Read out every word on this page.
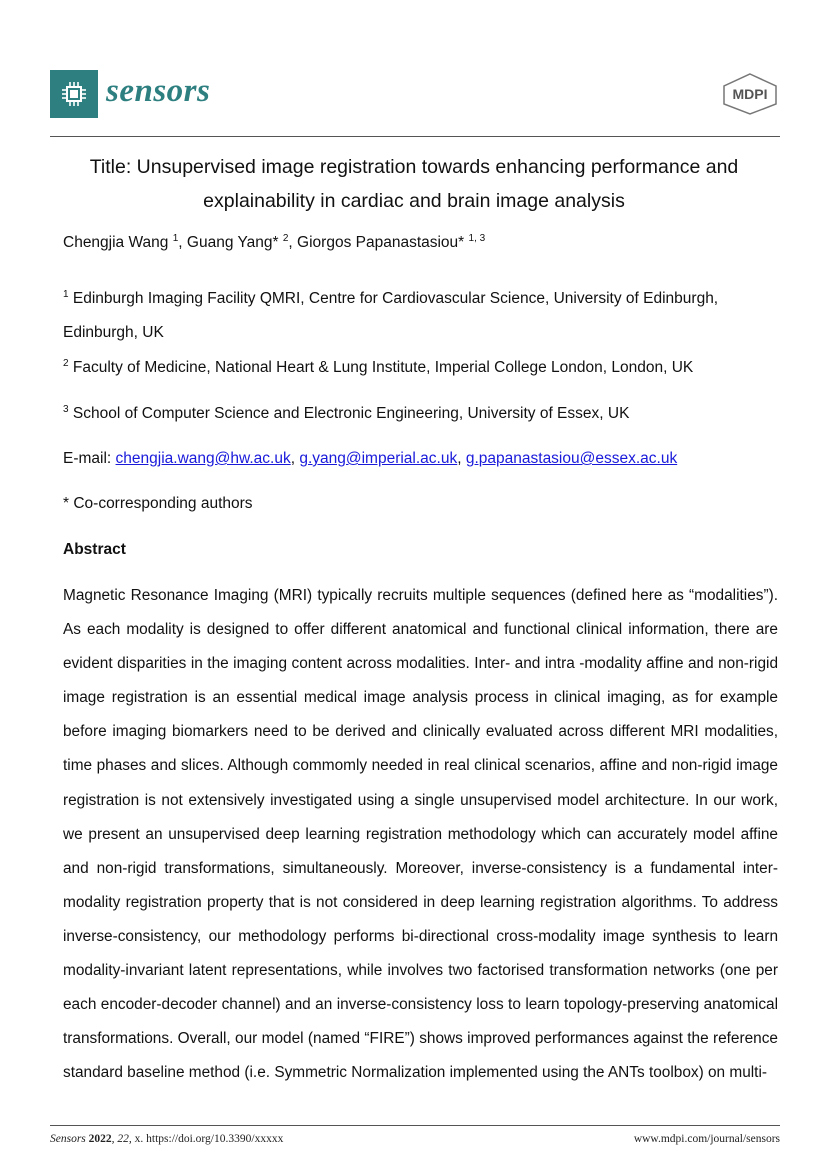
sensors	MDPI
Title: Unsupervised image registration towards enhancing performance and explainability in cardiac and brain image analysis
Chengjia Wang $^1$, Guang Yang* $^2$, Giorgos Papanastasiou* $^{1, 3}$
$^1$ Edinburgh Imaging Facility QMRI, Centre for Cardiovascular Science, University of Edinburgh, Edinburgh, UK
$^2$ Faculty of Medicine, National Heart & Lung Institute, Imperial College London, London, UK
$^3$ School of Computer Science and Electronic Engineering, University of Essex, UK
E-mail: chengjia.wang@hw.ac.uk, g.yang@imperial.ac.uk, g.papanastasiou@essex.ac.uk
* Co-corresponding authors
Abstract
Magnetic Resonance Imaging (MRI) typically recruits multiple sequences (defined here as “modalities”). As each modality is designed to offer different anatomical and functional clinical information, there are evident disparities in the imaging content across modalities. Inter- and intra -modality affine and non-rigid image registration is an essential medical image analysis process in clinical imaging, as for example before imaging biomarkers need to be derived and clinically evaluated across different MRI modalities, time phases and slices. Although commomly needed in real clinical scenarios, affine and non-rigid image registration is not extensively investigated using a single unsupervised model architecture. In our work, we present an unsupervised deep learning registration methodology which can accurately model affine and non-rigid transformations, simultaneously. Moreover, inverse-consistency is a fundamental inter-modality registration property that is not considered in deep learning registration algorithms. To address inverse-consistency, our methodology performs bi-directional cross-modality image synthesis to learn modality-invariant latent representations, while involves two factorised transformation networks (one per each encoder-decoder channel) and an inverse-consistency loss to learn topology-preserving anatomical transformations. Overall, our model (named “FIRE”) shows improved performances against the reference standard baseline method (i.e. Symmetric Normalization implemented using the ANTs toolbox) on multi-
Sensors 2022, 22, x. https://doi.org/10.3390/xxxxx	www.mdpi.com/journal/sensors
